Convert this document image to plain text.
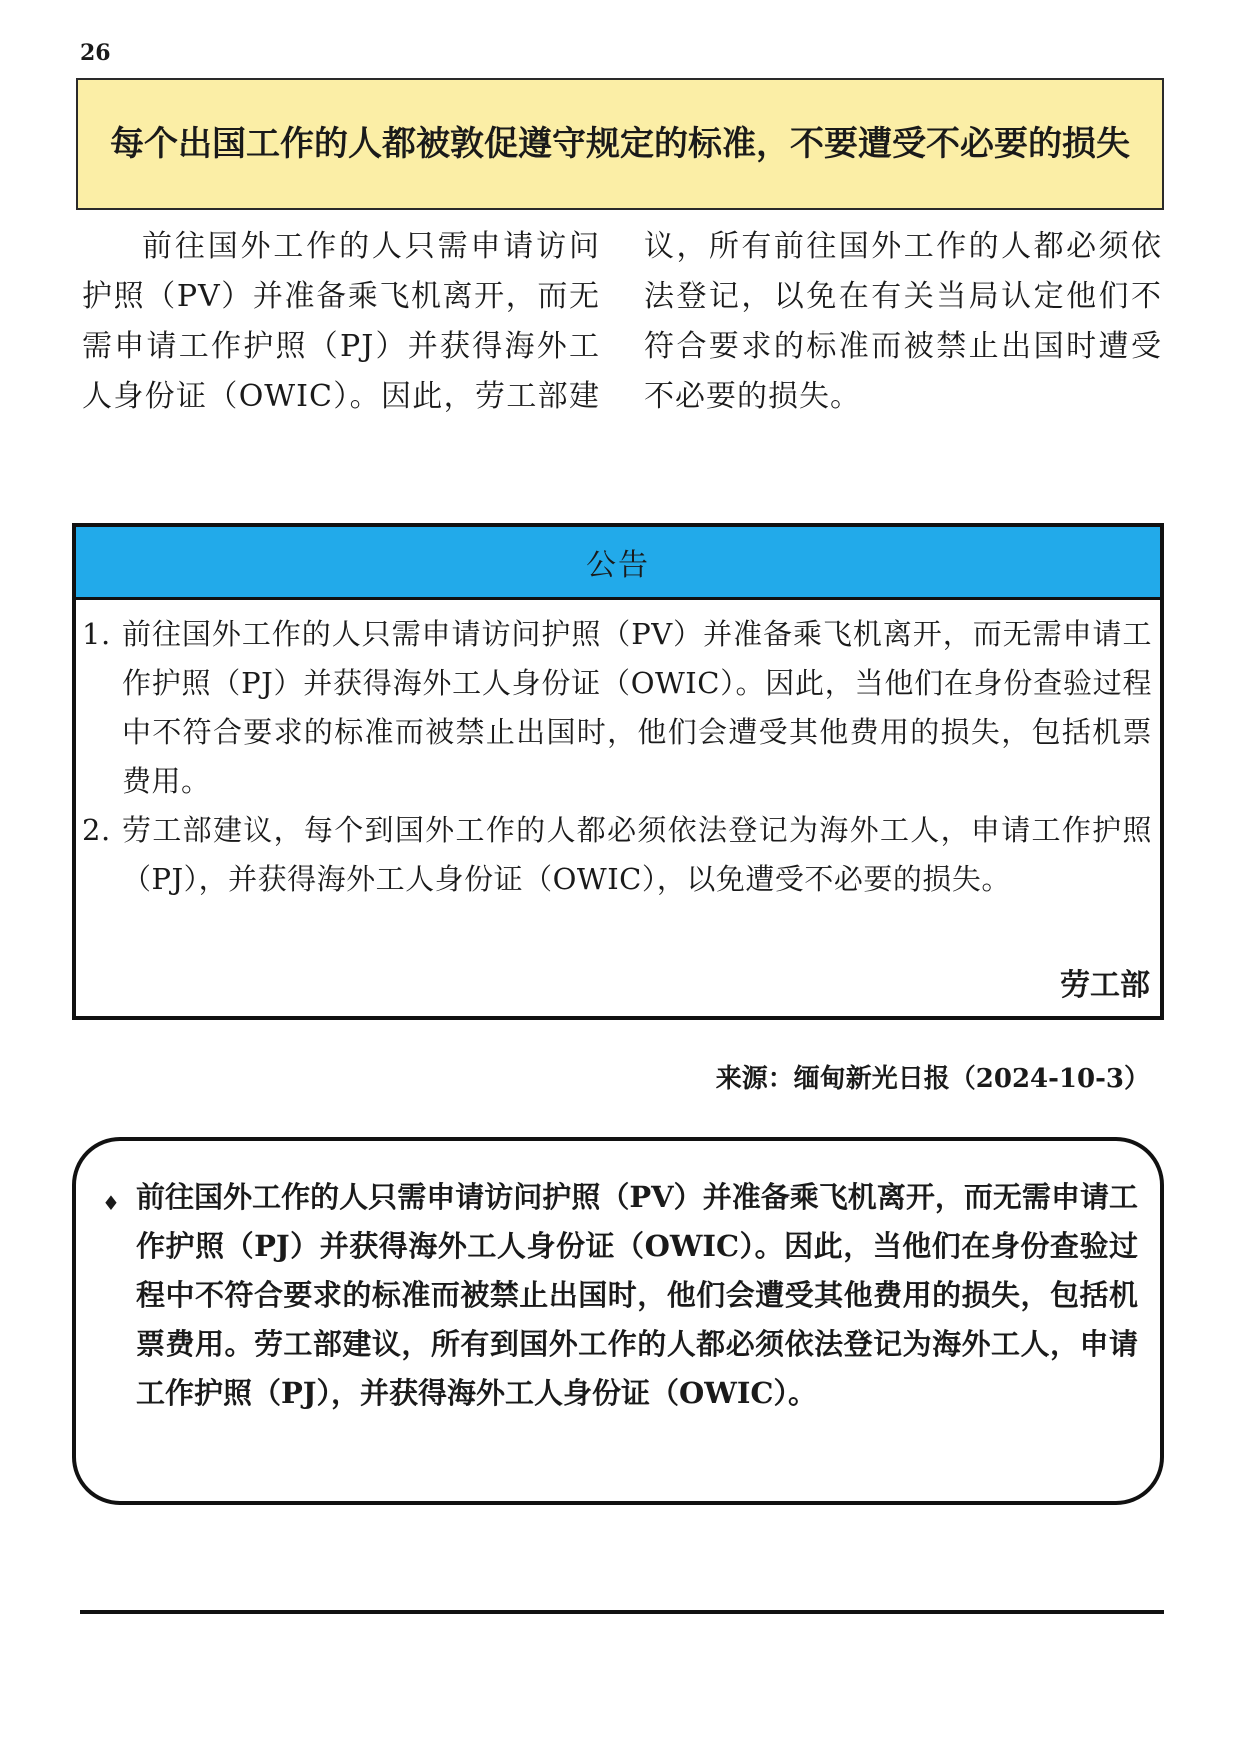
26
每个出国工作的人都被敦促遵守规定的标准，不要遭受不必要的损失

前往国外工作的人只需申请访问护照（PV）并准备乘飞机离开，而无需申请工作护照（PJ）并获得海外工人身份证（OWIC）。因此，劳工部建议，所有前往国外工作的人都必须依法登记，以免在有关当局认定他们不符合要求的标准而被禁止出国时遭受不必要的损失。

公告
1. 前往国外工作的人只需申请访问护照（PV）并准备乘飞机离开，而无需申请工作护照（PJ）并获得海外工人身份证（OWIC）。因此，当他们在身份查验过程中不符合要求的标准而被禁止出国时，他们会遭受其他费用的损失，包括机票费用。
2. 劳工部建议，每个到国外工作的人都必须依法登记为海外工人，申请工作护照（PJ），并获得海外工人身份证（OWIC），以免遭受不必要的损失。
劳工部
来源：缅甸新光日报（2024-10-3）
♦ 前往国外工作的人只需申请访问护照（PV）并准备乘飞机离开，而无需申请工作护照（PJ）并获得海外工人身份证（OWIC）。因此，当他们在身份查验过程中不符合要求的标准而被禁止出国时，他们会遭受其他费用的损失，包括机票费用。劳工部建议，所有到国外工作的人都必须依法登记为海外工人，申请工作护照（PJ），并获得海外工人身份证（OWIC）。
